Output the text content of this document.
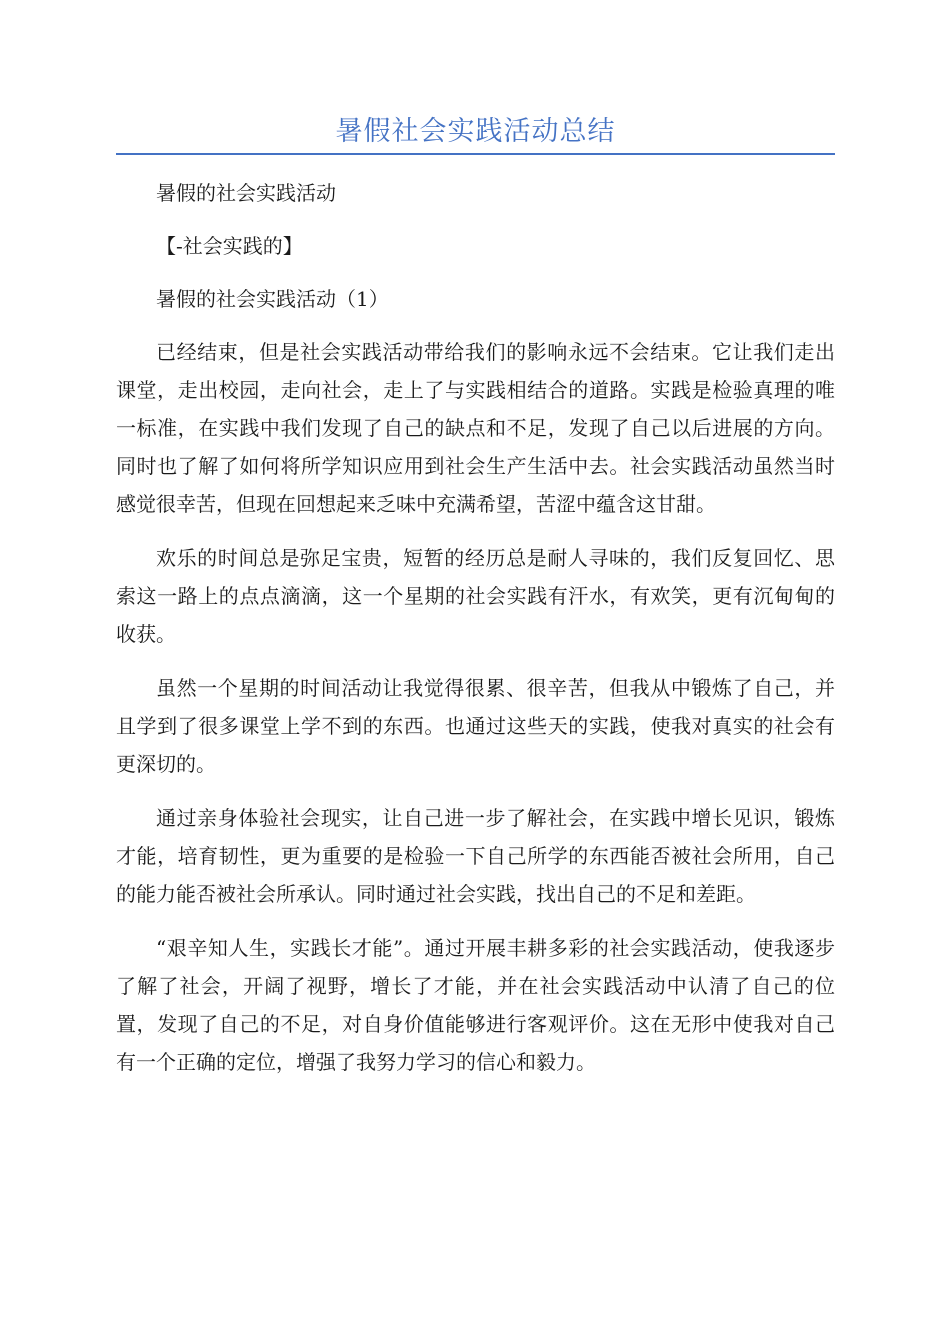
暑假社会实践活动总结

暑假的社会实践活动

【-社会实践的】

暑假的社会实践活动（1）

已经结束，但是社会实践活动带给我们的影响永远不会结束。它让我们走出课堂，走出校园，走向社会，走上了与实践相结合的道路。实践是检验真理的唯一标准，在实践中我们发现了自己的缺点和不足，发现了自己以后进展的方向。同时也了解了如何将所学知识应用到社会生产生活中去。社会实践活动虽然当时感觉很幸苦，但现在回想起来乏味中充满希望，苦涩中蕴含这甘甜。

欢乐的时间总是弥足宝贵，短暂的经历总是耐人寻味的，我们反复回忆、思索这一路上的点点滴滴，这一个星期的社会实践有汗水，有欢笑，更有沉甸甸的收获。

虽然一个星期的时间活动让我觉得很累、很辛苦，但我从中锻炼了自己，并且学到了很多课堂上学不到的东西。也通过这些天的实践，使我对真实的社会有更深切的。

通过亲身体验社会现实，让自己进一步了解社会，在实践中增长见识，锻炼才能，培育韧性，更为重要的是检验一下自己所学的东西能否被社会所用，自己的能力能否被社会所承认。同时通过社会实践，找出自己的不足和差距。

“艰辛知人生，实践长才能”。通过开展丰耕多彩的社会实践活动，使我逐步了解了社会，开阔了视野，增长了才能，并在社会实践活动中认清了自己的位置，发现了自己的不足，对自身价值能够进行客观评价。这在无形中使我对自己有一个正确的定位，增强了我努力学习的信心和毅力。
